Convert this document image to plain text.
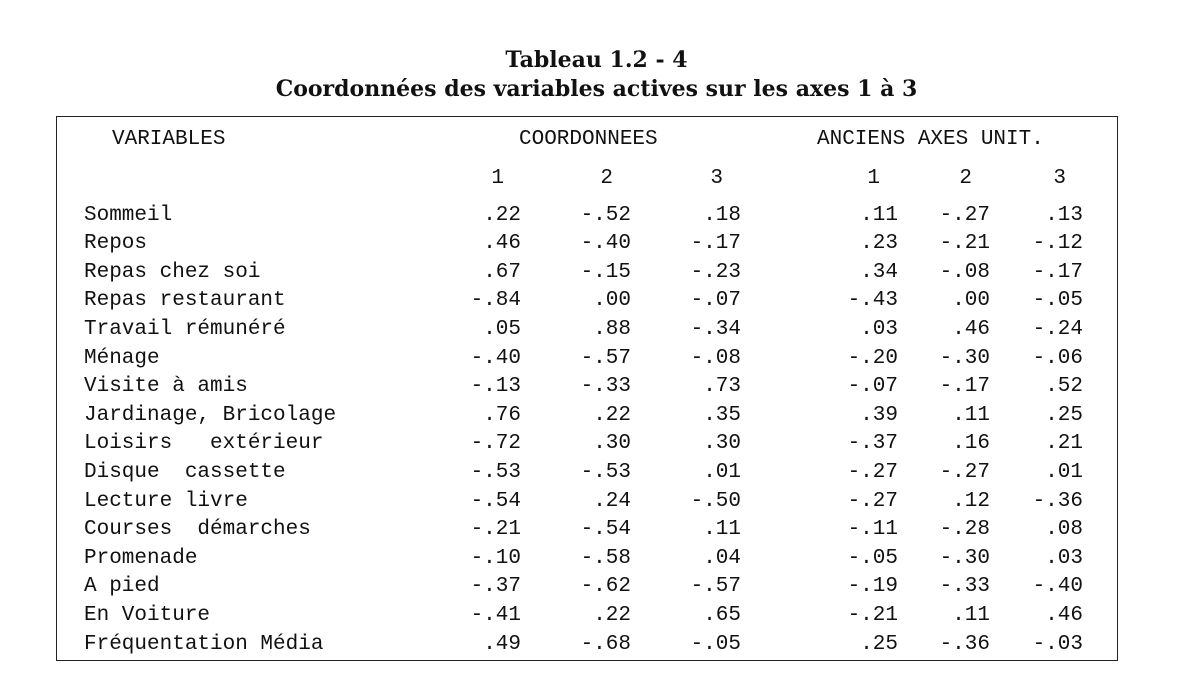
Tableau 1.2 - 4
Coordonnées des variables actives sur les axes 1 à 3
VARIABLES	COORDONNEES	ANCIENS AXES UNIT.
1	2	3	1	2	3
Sommeil	.22	-.52	.18	.11	-.27	.13
Repos	.46	-.40	-.17	.23	-.21	-.12
Repas chez soi	.67	-.15	-.23	.34	-.08	-.17
Repas restaurant	-.84	.00	-.07	-.43	.00	-.05
Travail rémunéré	.05	.88	-.34	.03	.46	-.24
Ménage	-.40	-.57	-.08	-.20	-.30	-.06
Visite à amis	-.13	-.33	.73	-.07	-.17	.52
Jardinage, Bricolage	.76	.22	.35	.39	.11	.25
Loisirs   extérieur	-.72	.30	.30	-.37	.16	.21
Disque  cassette	-.53	-.53	.01	-.27	-.27	.01
Lecture livre	-.54	.24	-.50	-.27	.12	-.36
Courses  démarches	-.21	-.54	.11	-.11	-.28	.08
Promenade	-.10	-.58	.04	-.05	-.30	.03
A pied	-.37	-.62	-.57	-.19	-.33	-.40
En Voiture	-.41	.22	.65	-.21	.11	.46
Fréquentation Média	.49	-.68	-.05	.25	-.36	-.03
